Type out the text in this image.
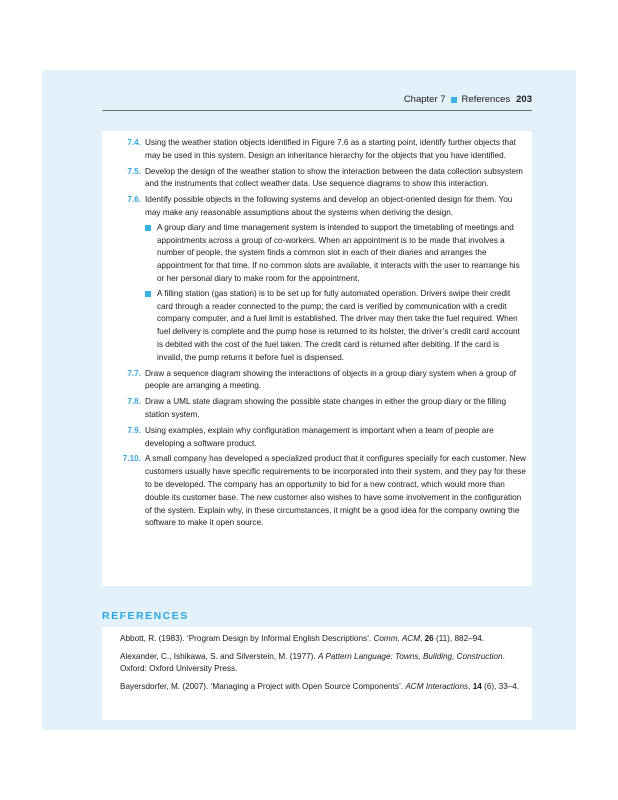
Chapter 7 References 203
7.4. Using the weather station objects identified in Figure 7.6 as a starting point, identify further objects that may be used in this system. Design an inheritance hierarchy for the objects that you have identified.
7.5. Develop the design of the weather station to show the interaction between the data collection subsystem and the instruments that collect weather data. Use sequence diagrams to show this interaction.
7.6. Identify possible objects in the following systems and develop an object-oriented design for them. You may make any reasonable assumptions about the systems when deriving the design.
A group diary and time management system is intended to support the timetabling of meetings and appointments across a group of co-workers. When an appointment is to be made that involves a number of people, the system finds a common slot in each of their diaries and arranges the appointment for that time. If no common slots are available, it interacts with the user to rearrange his or her personal diary to make room for the appointment.
A filling station (gas station) is to be set up for fully automated operation. Drivers swipe their credit card through a reader connected to the pump; the card is verified by communication with a credit company computer, and a fuel limit is established. The driver may then take the fuel required. When fuel delivery is complete and the pump hose is returned to its holster, the driver’s credit card account is debited with the cost of the fuel taken. The credit card is returned after debiting. If the card is invalid, the pump returns it before fuel is dispensed.
7.7. Draw a sequence diagram showing the interactions of objects in a group diary system when a group of people are arranging a meeting.
7.8. Draw a UML state diagram showing the possible state changes in either the group diary or the filling station system.
7.9. Using examples, explain why configuration management is important when a team of people are developing a software product.
7.10. A small company has developed a specialized product that it configures specially for each customer. New customers usually have specific requirements to be incorporated into their system, and they pay for these to be developed. The company has an opportunity to bid for a new contract, which would more than double its customer base. The new customer also wishes to have some involvement in the configuration of the system. Explain why, in these circumstances, it might be a good idea for the company owning the software to make it open source.
REFERENCES
Abbott, R. (1983). ‘Program Design by Informal English Descriptions’. Comm. ACM, 26 (11), 882–94.
Alexander, C., Ishikawa, S. and Silverstein, M. (1977). A Pattern Language: Towns, Building, Construction. Oxford: Oxford University Press.
Bayersdorfer, M. (2007). ‘Managing a Project with Open Source Components’. ACM Interactions, 14 (6), 33–4.
